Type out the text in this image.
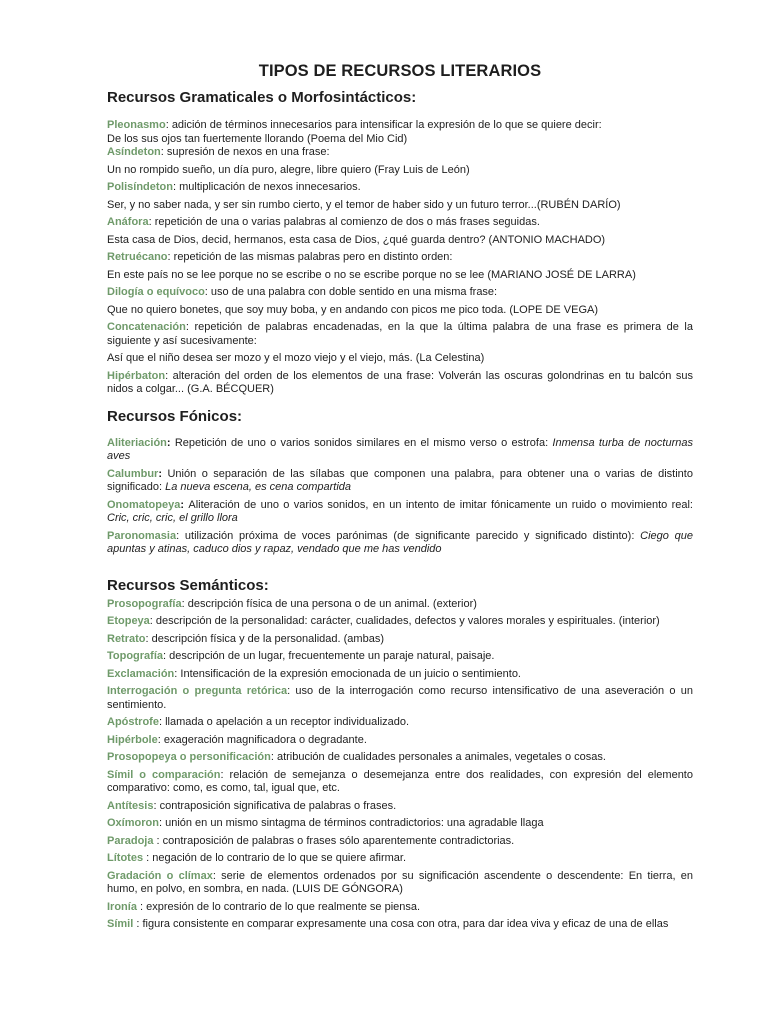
TIPOS DE RECURSOS LITERARIOS
Recursos Gramaticales o Morfosintácticos:

Pleonasmo: adición de términos innecesarios para intensificar la expresión de lo que se quiere decir:
De los sus ojos tan fuertemente llorando (Poema del Mio Cid)

Asíndeton: supresión de nexos en una frase:

Un no rompido sueño, un día puro, alegre, libre quiero (Fray Luis de León)

Polisíndeton: multiplicación de nexos innecesarios.

Ser, y no saber nada, y ser sin rumbo cierto, y el temor de haber sido y un futuro terror...(RUBÉN DARÍO)

Anáfora: repetición de una o varias palabras al comienzo de dos o más frases seguidas.

Esta casa de Dios, decid, hermanos, esta casa de Dios, ¿qué guarda dentro? (ANTONIO MACHADO)

Retruécano: repetición de las mismas palabras pero en distinto orden:

En este país no se lee porque no se escribe o no se escribe porque no se lee (MARIANO JOSÉ DE LARRA)

Dilogía o equívoco: uso de una palabra con doble sentido en una misma frase:

Que no quiero bonetes, que soy muy boba, y en andando con picos me pico toda. (LOPE DE VEGA)

Concatenación: repetición de palabras encadenadas, en la que la última palabra de una frase es primera de la siguiente y así sucesivamente:

Así que el niño desea ser mozo y el mozo viejo y el viejo, más. (La Celestina)

Hipérbaton: alteración del orden de los elementos de una frase: Volverán las oscuras golondrinas en tu balcón sus nidos a colgar... (G.A. BÉCQUER)

Recursos Fónicos:

Aliteriación: Repetición de uno o varios sonidos similares en el mismo verso o estrofa: Inmensa turba de nocturnas aves

Calumbur: Unión o separación de las sílabas que componen una palabra, para obtener una o varias de distinto significado: La nueva escena, es cena compartida

Onomatopeya: Aliteración de uno o varios sonidos, en un intento de imitar fónicamente un ruido o movimiento real: Cric, cric, cric, el grillo llora

Paronomasia: utilización próxima de voces parónimas (de significante parecido y significado distinto): Ciego que apuntas y atinas, caduco dios y rapaz, vendado que me has vendido

Recursos Semánticos:

Prosopografía: descripción física de una persona o de un animal. (exterior)

Etopeya: descripción de la personalidad: carácter, cualidades, defectos y valores morales y espirituales. (interior)

Retrato: descripción física y de la personalidad. (ambas)

Topografía: descripción de un lugar, frecuentemente un paraje natural, paisaje.

Exclamación: Intensificación de la expresión emocionada de un juicio o sentimiento.

Interrogación o pregunta retórica: uso de la interrogación como recurso intensificativo de una aseveración o un sentimiento.

Apóstrofe: llamada o apelación a un receptor individualizado.

Hipérbole: exageración magnificadora o degradante.

Prosopopeya o personificación: atribución de cualidades personales a animales, vegetales o cosas.

Símil o comparación: relación de semejanza o desemejanza entre dos realidades, con expresión del elemento comparativo: como, es como, tal, igual que, etc.

Antítesis: contraposición significativa de palabras o frases.

Oxímoron: unión en un mismo sintagma de términos contradictorios: una agradable llaga

Paradoja : contraposición de palabras o frases sólo aparentemente contradictorias.

Lítotes : negación de lo contrario de lo que se quiere afirmar.

Gradación o clímax: serie de elementos ordenados por su significación ascendente o descendente: En tierra, en humo, en polvo, en sombra, en nada. (LUIS DE GÓNGORA)

Ironía : expresión de lo contrario de lo que realmente se piensa.

Símil : figura consistente en comparar expresamente una cosa con otra, para dar idea viva y eficaz de una de ellas
